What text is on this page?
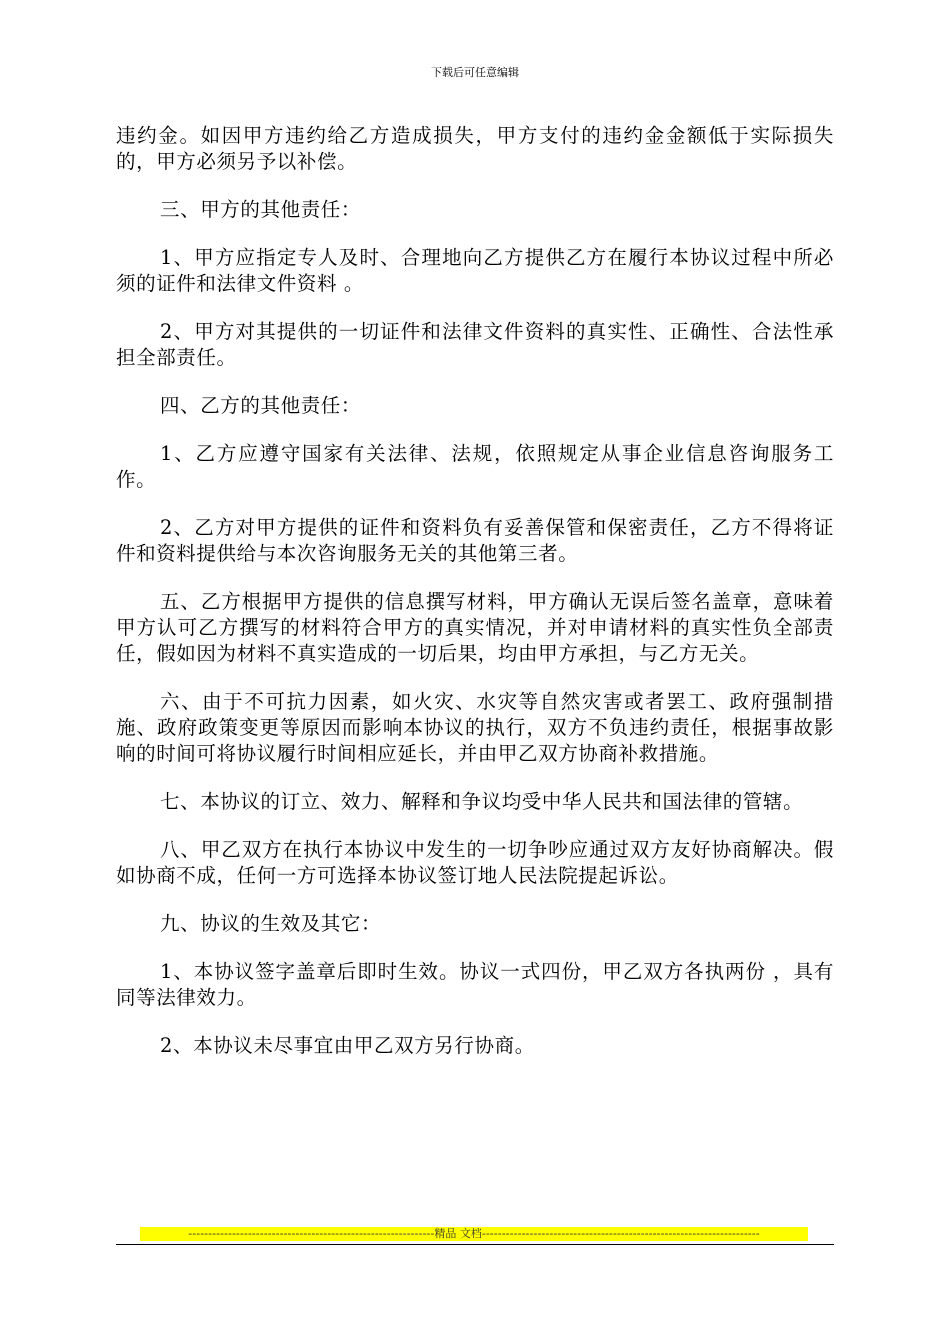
下载后可任意编辑

违约金。如因甲方违约给乙方造成损失，甲方支付的违约金金额低于实际损失的，甲方必须另予以补偿。

三、甲方的其他责任：

1、甲方应指定专人及时、合理地向乙方提供乙方在履行本协议过程中所必须的证件和法律文件资料 。

2、甲方对其提供的一切证件和法律文件资料的真实性、正确性、合法性承担全部责任。

四、乙方的其他责任：

1、乙方应遵守国家有关法律、法规，依照规定从事企业信息咨询服务工作。

2、乙方对甲方提供的证件和资料负有妥善保管和保密责任，乙方不得将证件和资料提供给与本次咨询服务无关的其他第三者。

五、乙方根据甲方提供的信息撰写材料，甲方确认无误后签名盖章，意味着甲方认可乙方撰写的材料符合甲方的真实情况，并对申请材料的真实性负全部责任，假如因为材料不真实造成的一切后果，均由甲方承担，与乙方无关。

六、由于不可抗力因素，如火灾、水灾等自然灾害或者罢工、政府强制措施、政府政策变更等原因而影响本协议的执行，双方不负违约责任，根据事故影响的时间可将协议履行时间相应延长，并由甲乙双方协商补救措施。

七、本协议的订立、效力、解释和争议均受中华人民共和国法律的管辖。

八、甲乙双方在执行本协议中发生的一切争吵应通过双方友好协商解决。假如协商不成，任何一方可选择本协议签订地人民法院提起诉讼。

九、协议的生效及其它：

1、本协议签字盖章后即时生效。协议一式四份，甲乙双方各执两份 ，具有同等法律效力。

2、本协议未尽事宜由甲乙双方另行协商。

--------------------------------------------------------------精品 文档----------------------------------------------------------------------
